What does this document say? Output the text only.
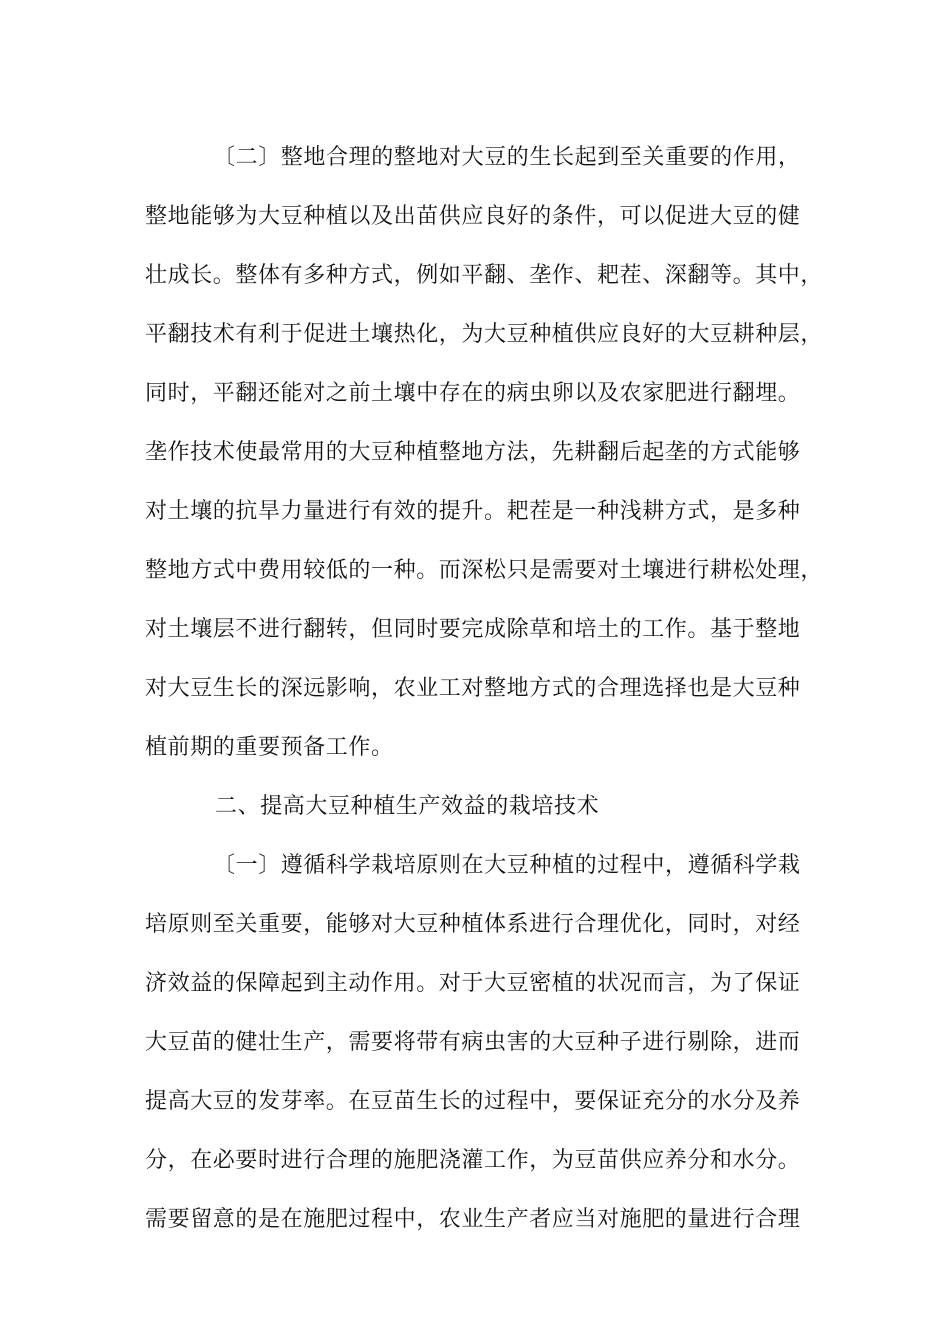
〔二〕整地合理的整地对大豆的生长起到至关重要的作用，
整地能够为大豆种植以及出苗供应良好的条件，可以促进大豆的健
壮成长。整体有多种方式，例如平翻、垄作、耙茬、深翻等。其中，
平翻技术有利于促进土壤热化，为大豆种植供应良好的大豆耕种层，
同时，平翻还能对之前土壤中存在的病虫卵以及农家肥进行翻埋。
垄作技术使最常用的大豆种植整地方法，先耕翻后起垄的方式能够
对土壤的抗旱力量进行有效的提升。耙茬是一种浅耕方式，是多种
整地方式中费用较低的一种。而深松只是需要对土壤进行耕松处理，
对土壤层不进行翻转，但同时要完成除草和培土的工作。基于整地
对大豆生长的深远影响，农业工对整地方式的合理选择也是大豆种
植前期的重要预备工作。
二、提高大豆种植生产效益的栽培技术
〔一〕遵循科学栽培原则在大豆种植的过程中，遵循科学栽
培原则至关重要，能够对大豆种植体系进行合理优化，同时，对经
济效益的保障起到主动作用。对于大豆密植的状况而言，为了保证
大豆苗的健壮生产，需要将带有病虫害的大豆种子进行剔除，进而
提高大豆的发芽率。在豆苗生长的过程中，要保证充分的水分及养
分，在必要时进行合理的施肥浇灌工作，为豆苗供应养分和水分。
需要留意的是在施肥过程中，农业生产者应当对施肥的量进行合理
